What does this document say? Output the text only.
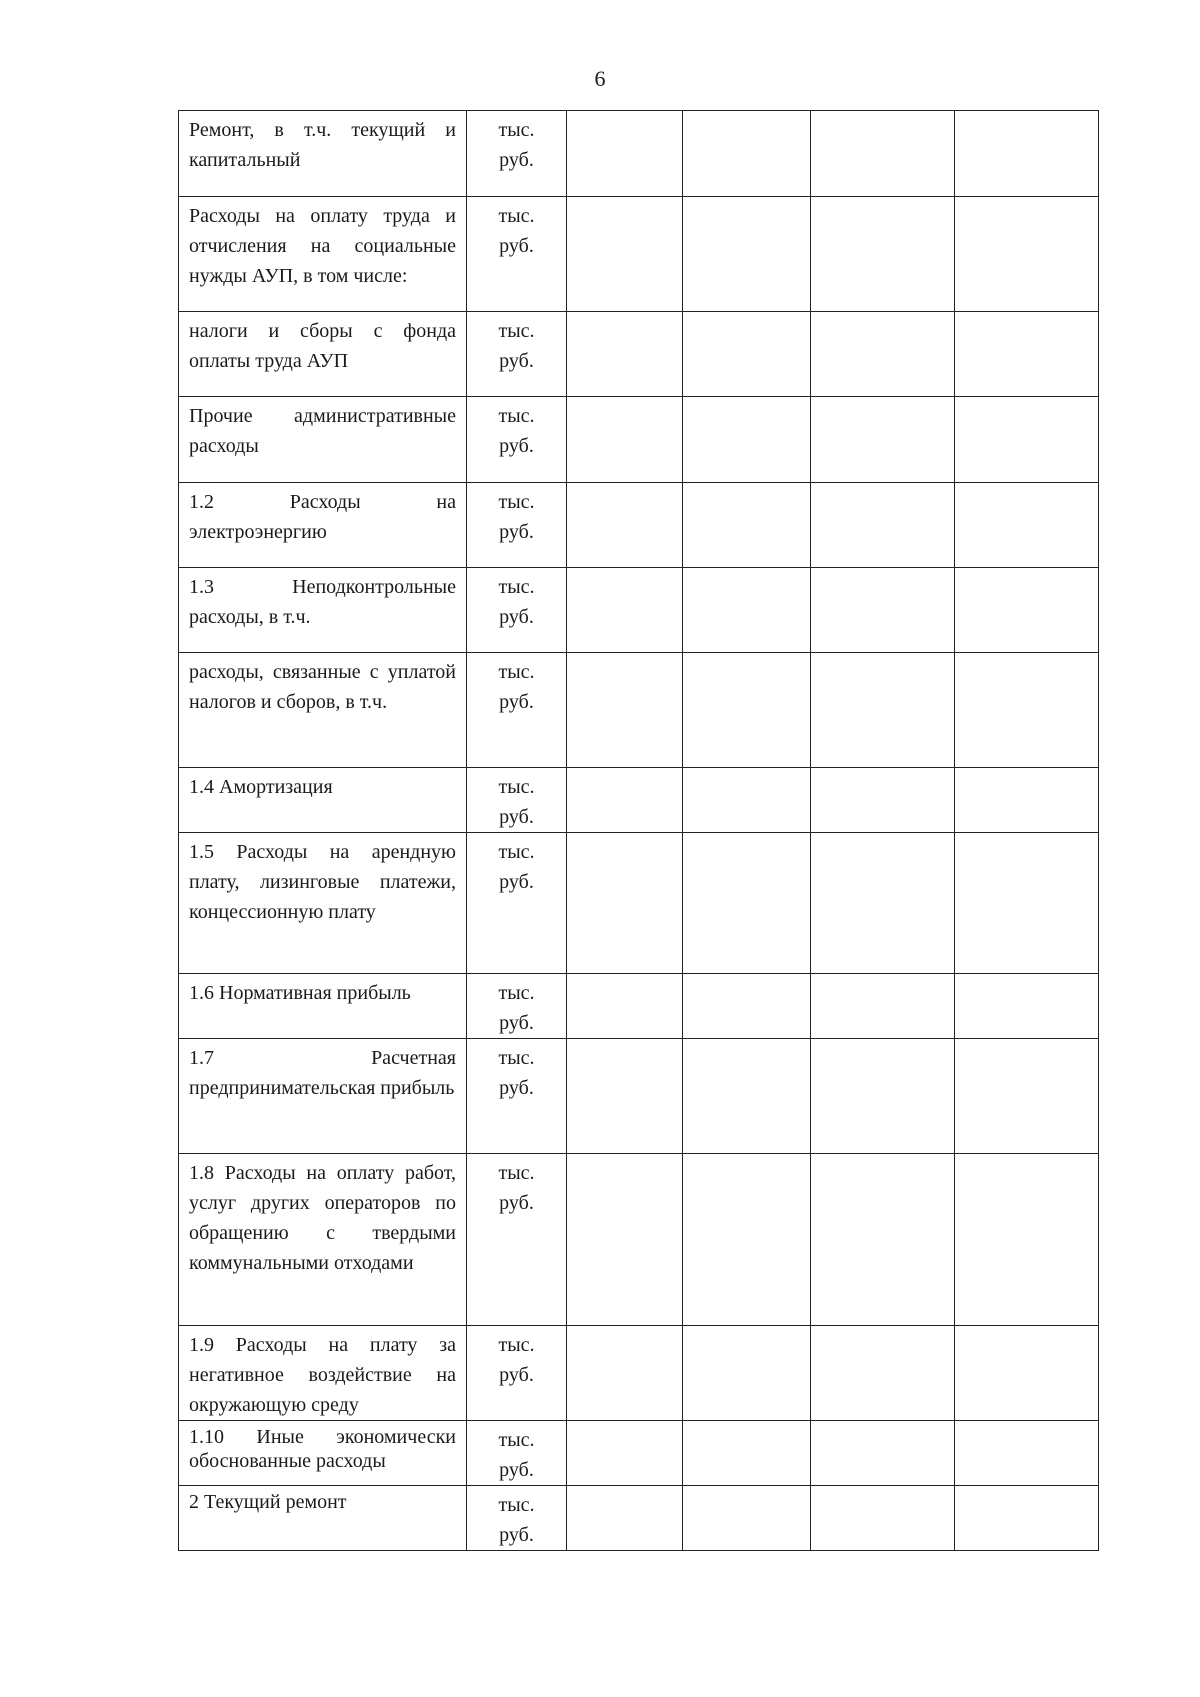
6
Ремонт, в т.ч. текущий и капитальный	тыс.
руб.				

Расходы на оплату труда и отчисления на социальные нужды АУП, в том числе:	тыс.
руб.				

налоги и сборы с фонда оплаты труда АУП	тыс.
руб.				

Прочие административные расходы	тыс.
руб.				

1.2 Расходы на электроэнергию	тыс.
руб.				

1.3 Неподконтрольные расходы, в т.ч.	тыс.
руб.				

расходы, связанные с уплатой налогов и сборов, в т.ч.	тыс.
руб.				

1.4 Амортизация	тыс.
руб.				

1.5 Расходы на арендную плату, лизинговые платежи, концессионную плату	тыс.
руб.				

1.6 Нормативная прибыль	тыс.
руб.				

1.7 Расчетная предпринимательская прибыль	тыс.
руб.				

1.8 Расходы на оплату работ, услуг других операторов по обращению с твердыми коммунальными отходами	тыс.
руб.				

1.9 Расходы на плату за негативное воздействие на окружающую среду	тыс.
руб.				

1.10 Иные экономически обоснованные расходы	тыс.
руб.				

2 Текущий ремонт	тыс.
руб.				
